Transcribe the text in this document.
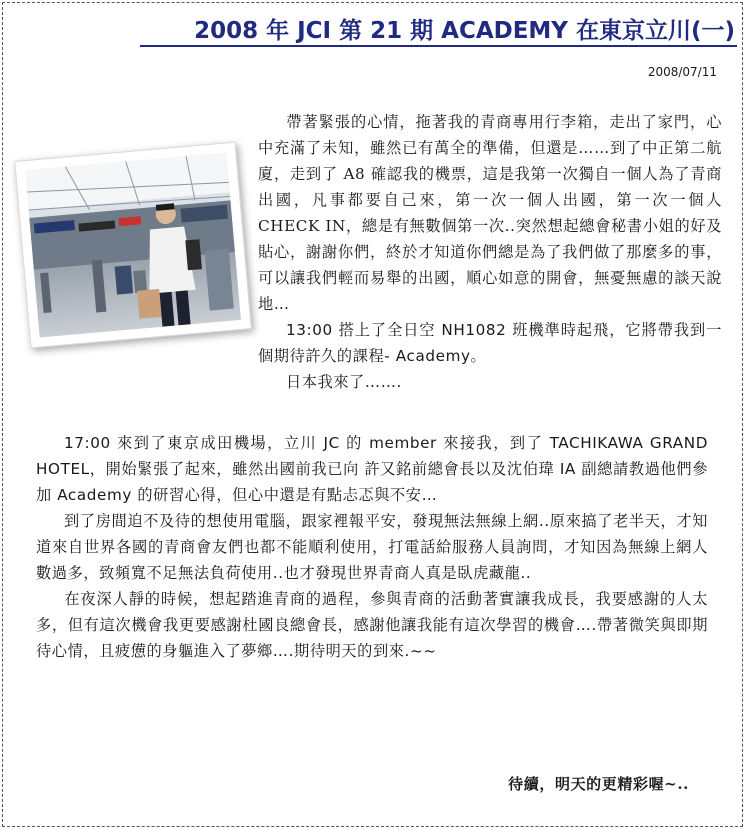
2008 年 JCI 第 21 期 ACADEMY 在東京立川(一)
2008/07/11

帶著緊張的心情，拖著我的青商專用行李箱，走出了家門，心中充滿了未知，雖然已有萬全的準備，但還是……到了中正第二航廈，走到了 A8 確認我的機票，這是我第一次獨自一個人為了青商出國，凡事都要自己來，第一次一個人出國，第一次一個人 CHECK IN，總是有無數個第一次..突然想起總會秘書小姐的好及貼心，謝謝你們，終於才知道你們總是為了我們做了那麼多的事，可以讓我們輕而易舉的出國，順心如意的開會，無憂無慮的談天說地…

13:00 搭上了全日空 NH1082 班機準時起飛，它將帶我到一個期待許久的課程- Academy。

日本我來了…….

17:00 來到了東京成田機場，立川 JC 的 member 來接我，到了 TACHIKAWA GRAND HOTEL，開始緊張了起來，雖然出國前我已向 許又銘前總會長以及沈伯瑋 IA 副總請教過他們參加 Academy 的研習心得，但心中還是有點忐忑與不安…

到了房間迫不及待的想使用電腦，跟家裡報平安，發現無法無線上網..原來搞了老半天，才知道來自世界各國的青商會友們也都不能順利使用，打電話給服務人員詢問，才知因為無線上網人數過多，致頻寬不足無法負荷使用..也才發現世界青商人真是臥虎藏龍..

在夜深人靜的時候，想起踏進青商的過程，參與青商的活動著實讓我成長，我要感謝的人太多，但有這次機會我更要感謝杜國良總會長，感謝他讓我能有這次學習的機會….帶著微笑與即期待心情，且疲憊的身軀進入了夢鄉….期待明天的到來.~~

待續，明天的更精彩喔~..
